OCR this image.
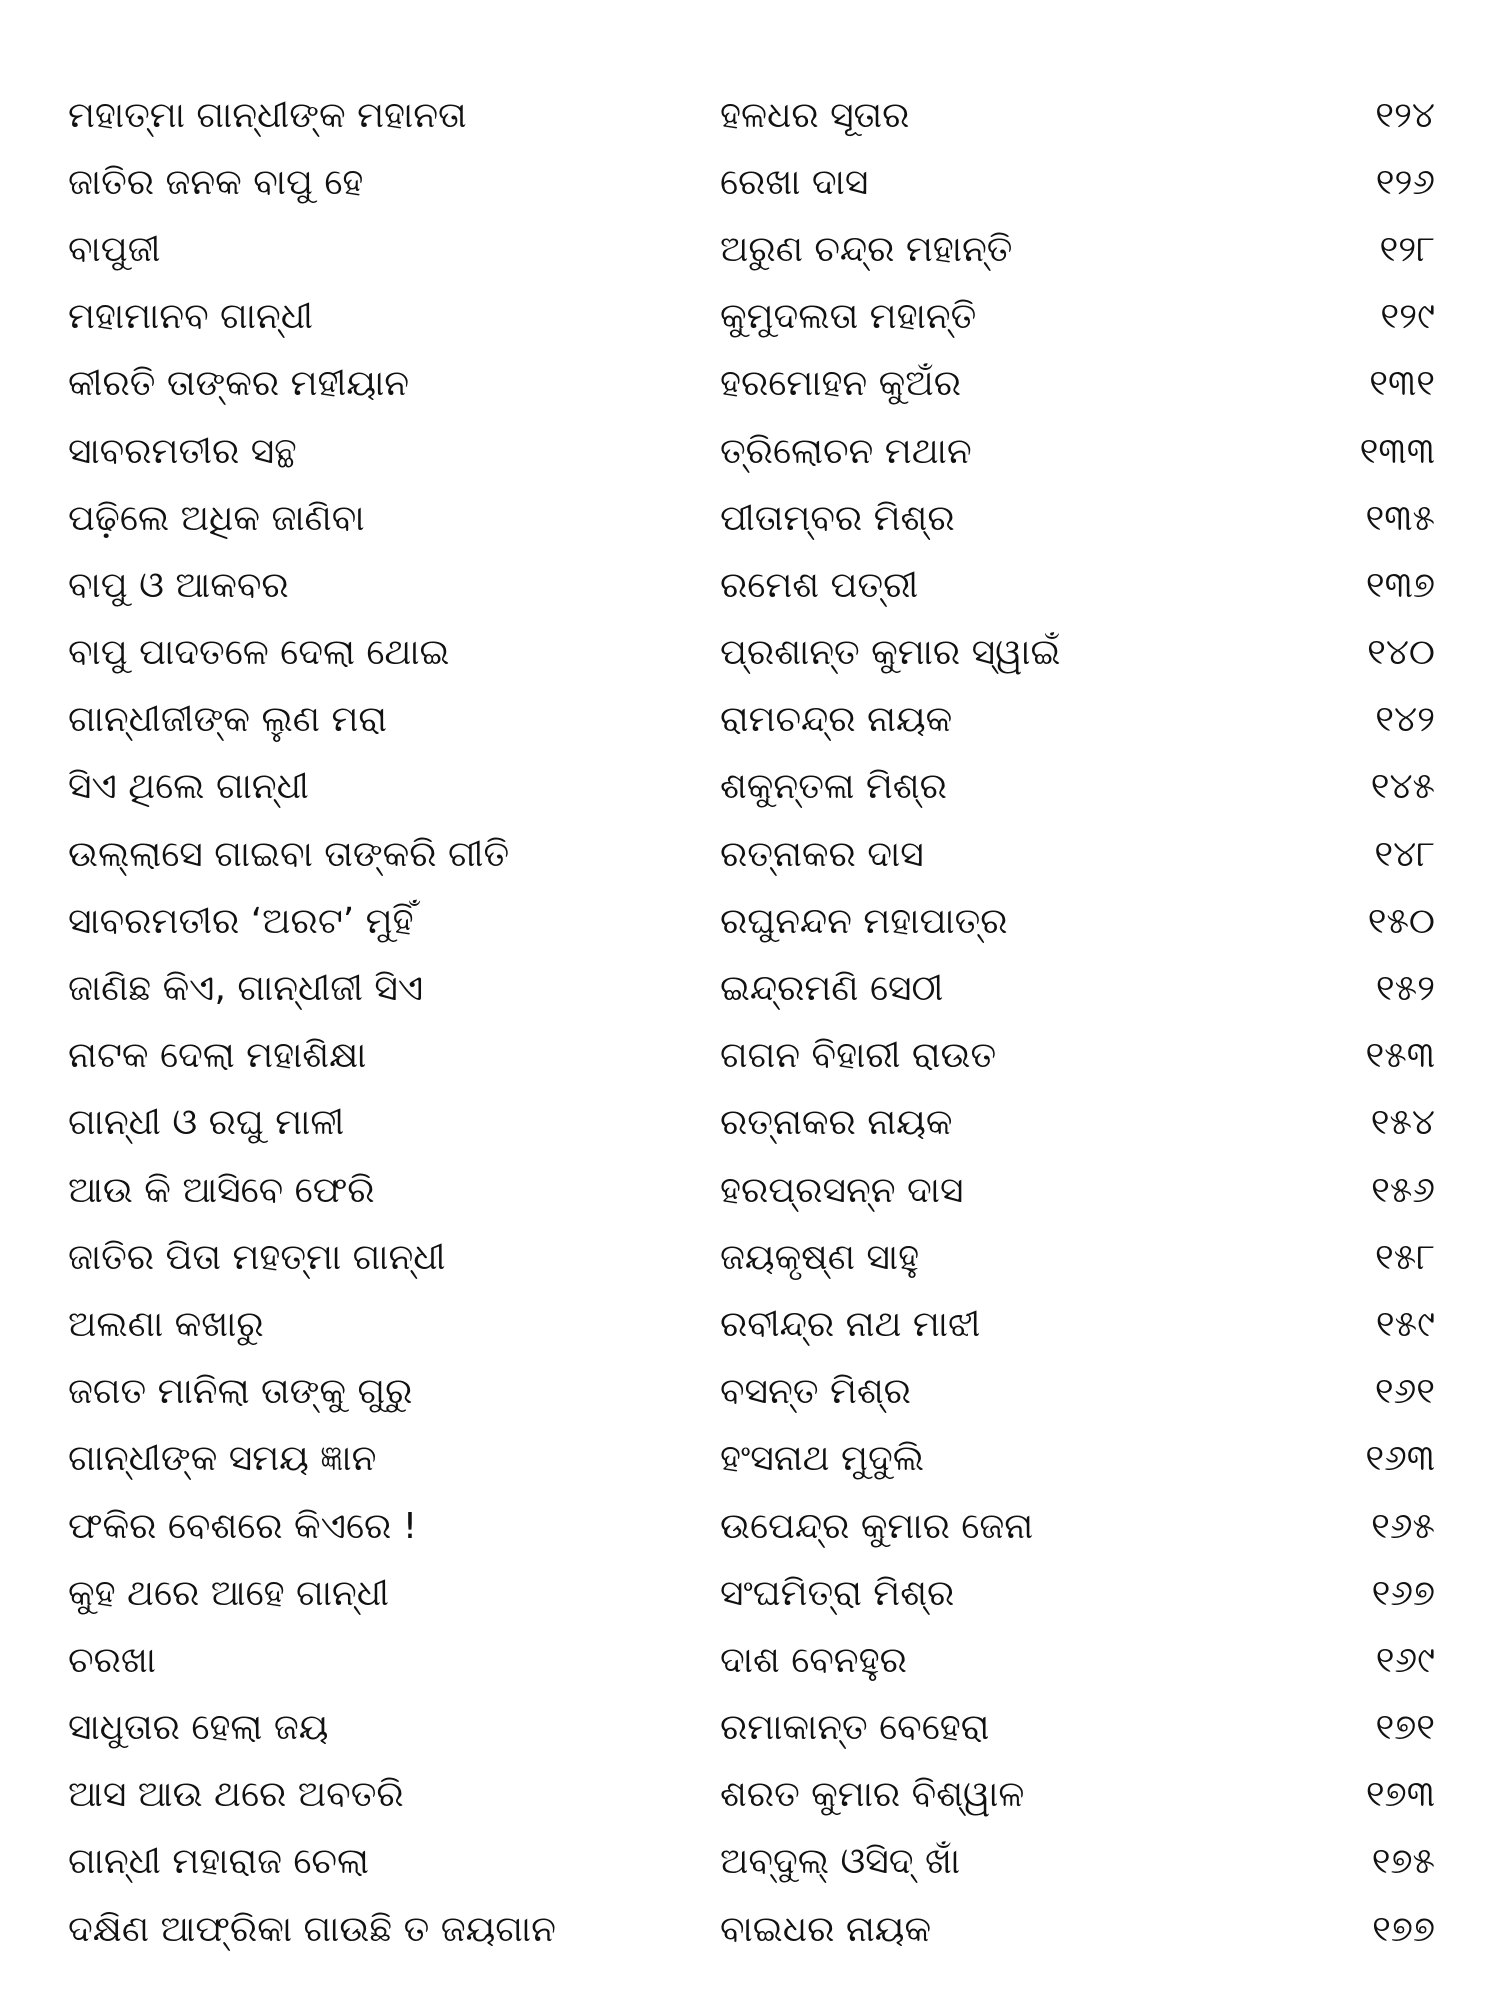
ମହାତ୍ମା ଗାନ୍ଧୀଙ୍କ ମହାନତା	ହଳଧର ସୂତାର	୧୨୪
ଜାତିର ଜନକ ବାପୁ ହେ	ରେଖା ଦାସ	୧୨୬
ବାପୁଜୀ	ଅରୁଣ ଚନ୍ଦ୍ର ମହାନ୍ତି	୧୨୮
ମହାମାନବ ଗାନ୍ଧୀ	କୁମୁଦଲତା ମହାନ୍ତି	୧୨୯
କୀରତି ତାଙ୍କର ମହୀୟାନ	ହରମୋହନ କୁଅଁର	୧୩୧
ସାବରମତୀର ସନ୍ଥ	ତ୍ରିଲୋଚନ ମଥାନ	୧୩୩
ପଢ଼ିଲେ ଅଧିକ ଜାଣିବା	ପୀତାମ୍ବର ମିଶ୍ର	୧୩୫
ବାପୁ ଓ ଆକବର	ରମେଶ ପତ୍ରୀ	୧୩୭
ବାପୁ ପାଦତଳେ ଦେଲା ଥୋଇ	ପ୍ରଶାନ୍ତ କୁମାର ସ୍ୱାଇଁ	୧୪୦
ଗାନ୍ଧୀଜୀଙ୍କ ଲୁଣ ମରା	ରାମଚନ୍ଦ୍ର ନାୟକ	୧୪୨
ସିଏ ଥିଲେ ଗାନ୍ଧୀ	ଶକୁନ୍ତଳା ମିଶ୍ର	୧୪୫
ଉଲ୍ଲାସେ ଗାଇବା ତାଙ୍କରି ଗୀତି	ରତ୍ନାକର ଦାସ	୧୪୮
ସାବରମତୀର ‘ଅରଟ’ ମୁହିଁ	ରଘୁନନ୍ଦନ ମହାପାତ୍ର	୧୫୦
ଜାଣିଛ କିଏ, ଗାନ୍ଧୀଜୀ ସିଏ	ଇନ୍ଦ୍ରମଣି ସେଠୀ	୧୫୨
ନାଟକ ଦେଲା ମହାଶିକ୍ଷା	ଗଗନ ବିହାରୀ ରାଉତ	୧୫୩
ଗାନ୍ଧୀ ଓ ରଘୁ ମାଳୀ	ରତ୍ନାକର ନାୟକ	୧୫୪
ଆଉ କି ଆସିବେ ଫେରି	ହରପ୍ରସନ୍ନ ଦାସ	୧୫୬
ଜାତିର ପିତା ମହତ୍ମା ଗାନ୍ଧୀ	ଜୟକୃଷ୍ଣ ସାହୁ	୧୫୮
ଅଲଣା କଖାରୁ	ରବୀନ୍ଦ୍ର ନାଥ ମାଝୀ	୧୫୯
ଜଗତ ମାନିଲା ତାଙ୍କୁ ଗୁରୁ	ବସନ୍ତ ମିଶ୍ର	୧୬୧
ଗାନ୍ଧୀଙ୍କ ସମୟ ଜ୍ଞାନ	ହଂସନାଥ ମୁଦୁଲି	୧୬୩
ଫକିର ବେଶରେ କିଏରେ !	ଉପେନ୍ଦ୍ର କୁମାର ଜେନା	୧୬୫
କୁହ ଥରେ ଆହେ ଗାନ୍ଧୀ	ସଂଘମିତ୍ରା ମିଶ୍ର	୧୬୭
ଚରଖା	ଦାଶ ବେନହୁର	୧୬୯
ସାଧୁତାର ହେଲା ଜୟ	ରମାକାନ୍ତ ବେହେରା	୧୭୧
ଆସ ଆଉ ଥରେ ଅବତରି	ଶରତ କୁମାର ବିଶ୍ୱାଳ	୧୭୩
ଗାନ୍ଧୀ ମହାରାଜ ଚେଲା	ଅବ୍‌ଦୁଲ୍ ଓସିଦ୍ ଖାଁ	୧୭୫
ଦକ୍ଷିଣ ଆଫ୍ରିକା ଗାଉଛି ତ ଜୟଗାନ	ବାଇଧର ନାୟକ	୧୭୭
